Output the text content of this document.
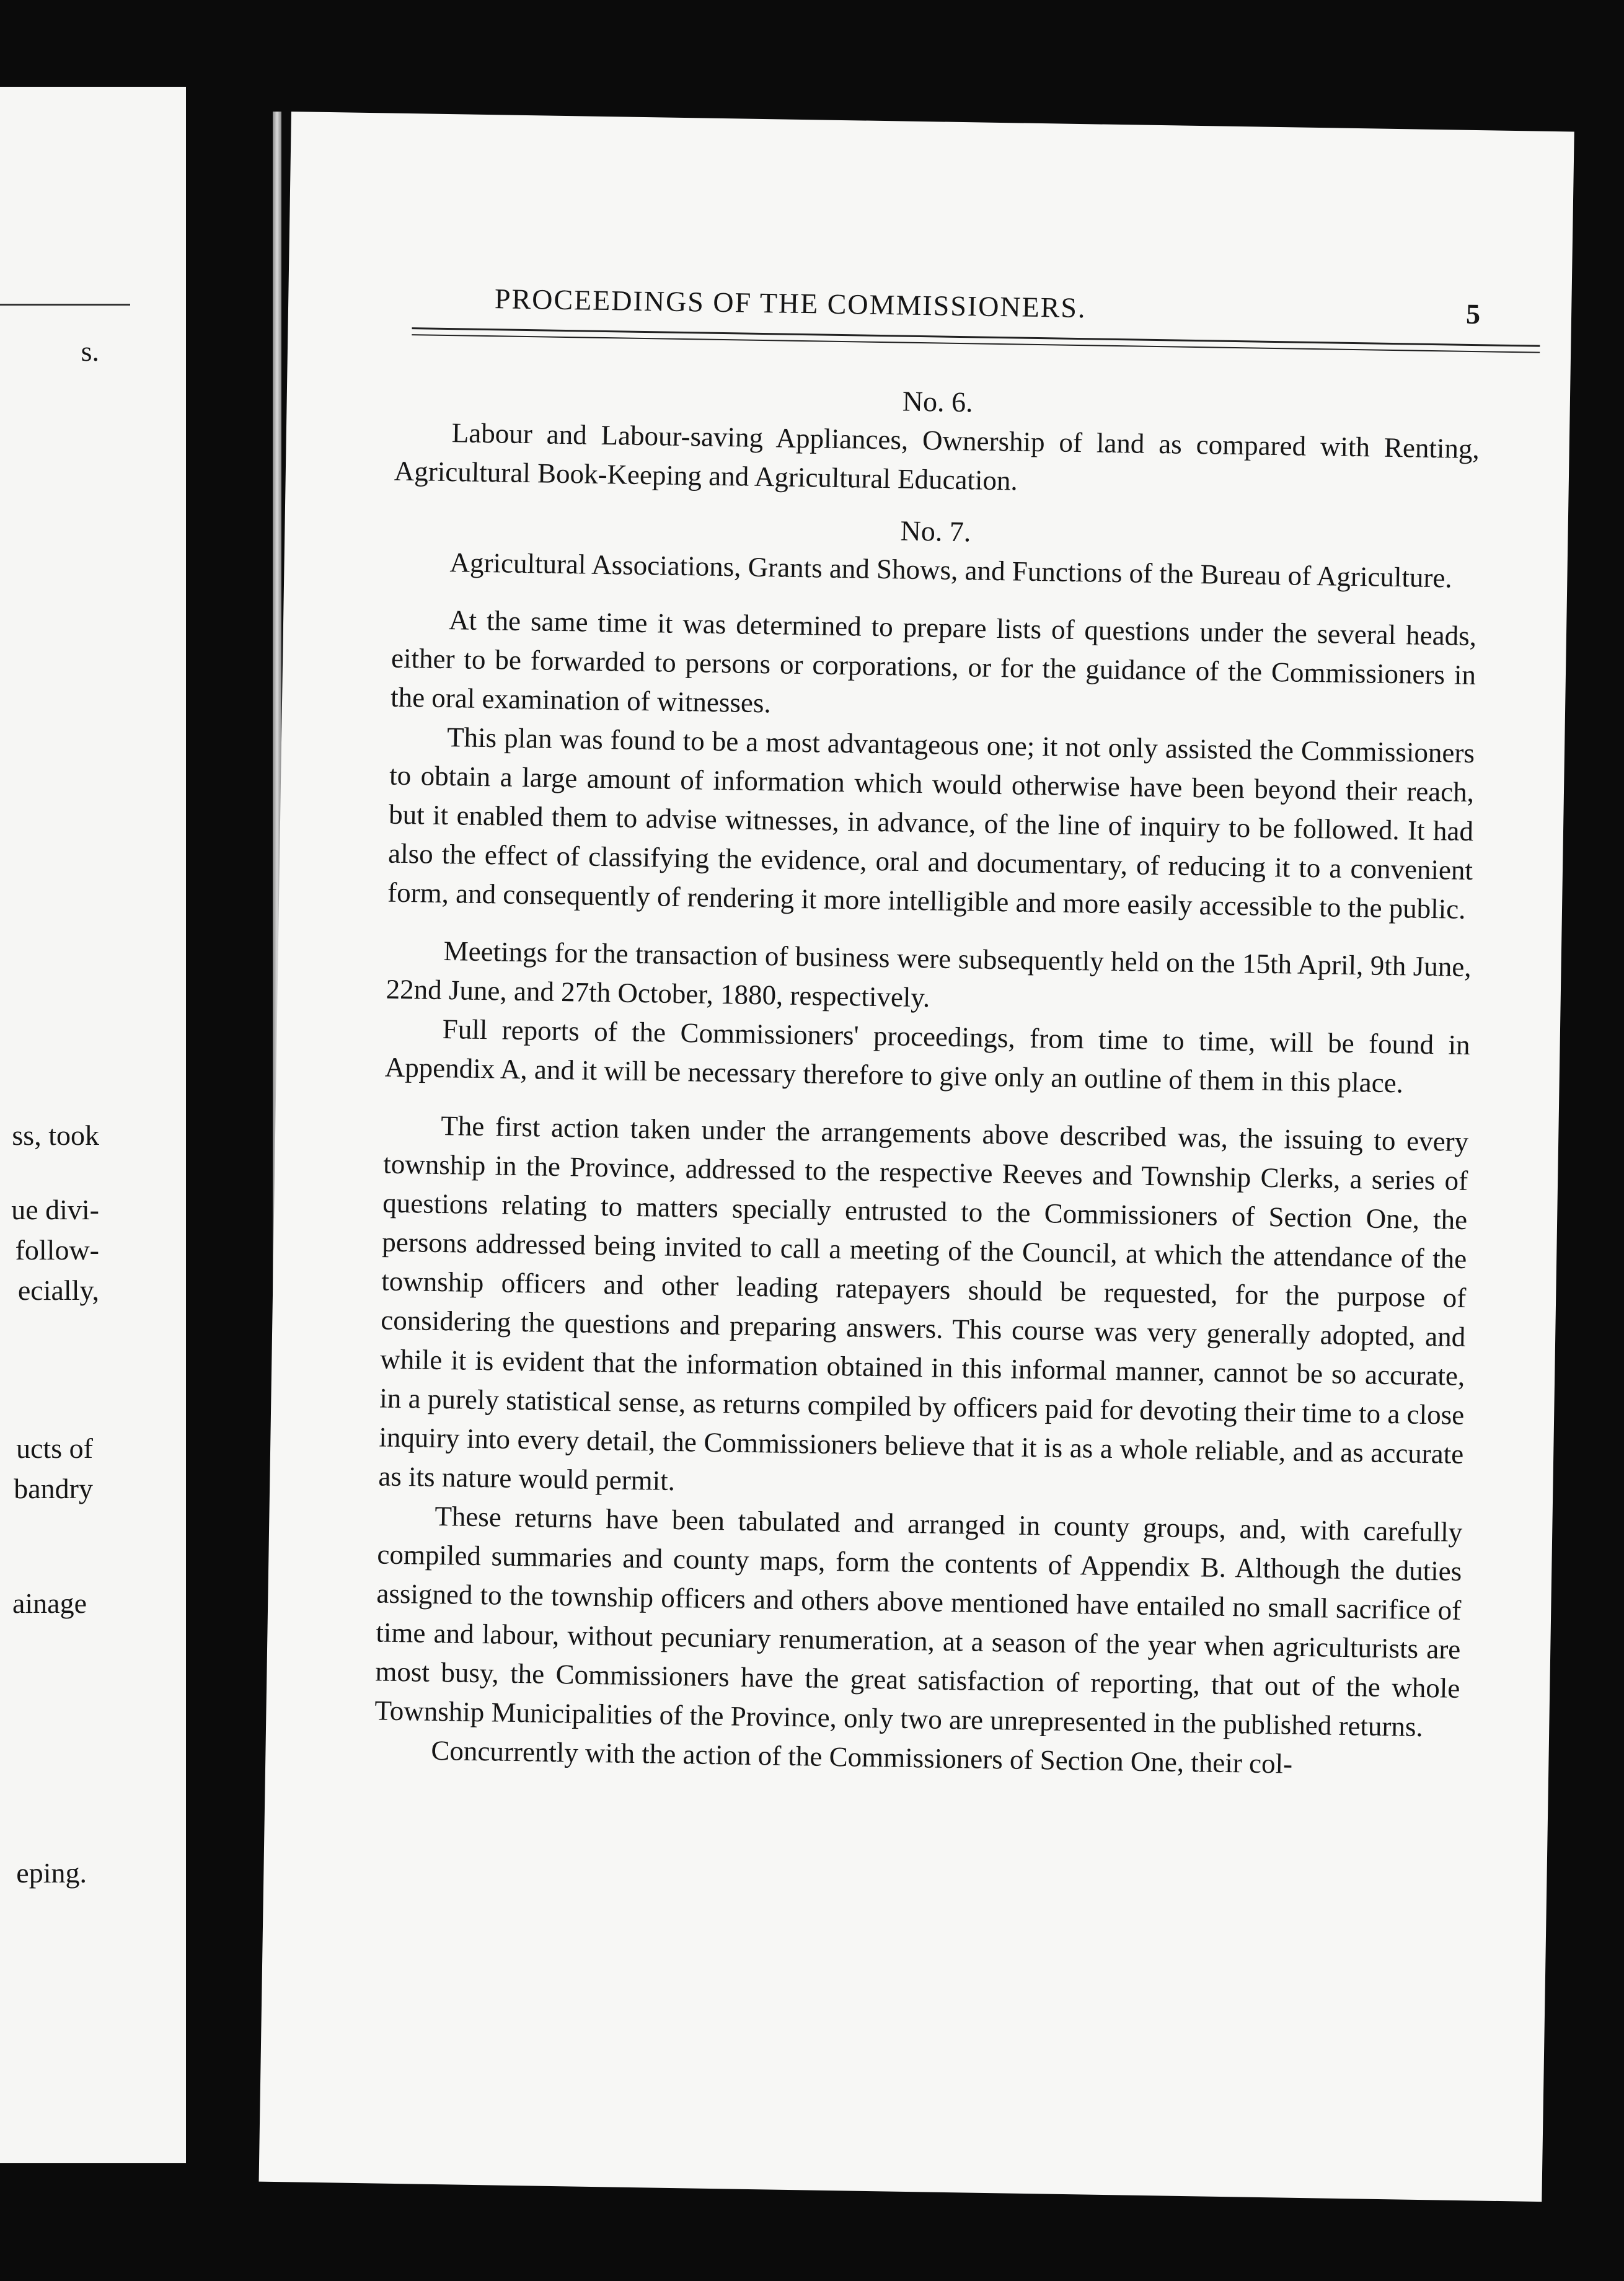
s.
ss, took
ue divi-
follow-
ecially,
ucts of
bandry
ainage
eping.
PROCEEDINGS OF THE COMMISSIONERS.	5

No. 6.

Labour and Labour-saving Appliances, Ownership of land as compared with Renting, Agricultural Book-Keeping and Agricultural Education.

No. 7.

Agricultural Associations, Grants and Shows, and Functions of the Bureau of Agriculture.

At the same time it was determined to prepare lists of questions under the several heads, either to be forwarded to persons or corporations, or for the guidance of the Commissioners in the oral examination of witnesses.

This plan was found to be a most advantageous one; it not only assisted the Commissioners to obtain a large amount of information which would otherwise have been beyond their reach, but it enabled them to advise witnesses, in advance, of the line of inquiry to be followed. It had also the effect of classifying the evidence, oral and documentary, of reducing it to a convenient form, and consequently of rendering it more intelligible and more easily accessible to the public.

Meetings for the transaction of business were subsequently held on the 15th April, 9th June, 22nd June, and 27th October, 1880, respectively.

Full reports of the Commissioners' proceedings, from time to time, will be found in Appendix A, and it will be necessary therefore to give only an outline of them in this place.

The first action taken under the arrangements above described was, the issuing to every township in the Province, addressed to the respective Reeves and Township Clerks, a series of questions relating to matters specially entrusted to the Commissioners of Section One, the persons addressed being invited to call a meeting of the Council, at which the attendance of the township officers and other leading ratepayers should be requested, for the purpose of considering the questions and preparing answers. This course was very generally adopted, and while it is evident that the information obtained in this informal manner, cannot be so accurate, in a purely statistical sense, as returns compiled by officers paid for devoting their time to a close inquiry into every detail, the Commissioners believe that it is as a whole reliable, and as accurate as its nature would permit.

These returns have been tabulated and arranged in county groups, and, with carefully compiled summaries and county maps, form the contents of Appendix B. Although the duties assigned to the township officers and others above mentioned have entailed no small sacrifice of time and labour, without pecuniary renumeration, at a season of the year when agriculturists are most busy, the Commissioners have the great satisfaction of reporting, that out of the whole Township Municipalities of the Province, only two are unrepresented in the published returns.

Concurrently with the action of the Commissioners of Section One, their col-
